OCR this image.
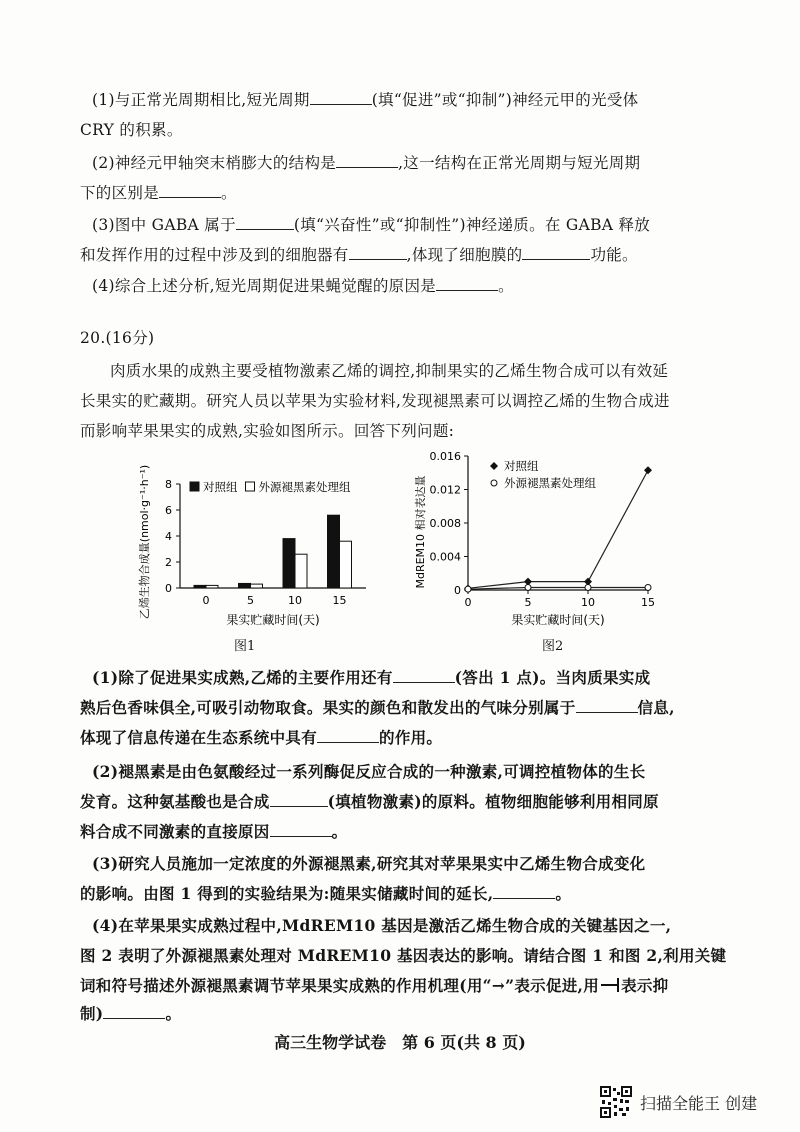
(1)与正常光周期相比,短光周期	(填“促进”或“抑制”)神经元甲的光受体
CRY 的积累。
(2)神经元甲轴突末梢膨大的结构是	,这一结构在正常光周期与短光周期
下的区别是	。
(3)图中 GABA 属于	(填“兴奋性”或“抑制性”)神经递质。在 GABA 释放
和发挥作用的过程中涉及到的细胞器有	,体现了细胞膜的	功能。
(4)综合上述分析,短光周期促进果蝇觉醒的原因是	。
20.(16分)
肉质水果的成熟主要受植物激素乙烯的调控,抑制果实的乙烯生物合成可以有效延
长果实的贮藏期。研究人员以苹果为实验材料,发现褪黑素可以调控乙烯的生物合成进
而影响苹果果实的成熟,实验如图所示。回答下列问题:
乙烯生物合成量(nmol·g⁻¹·h⁻¹) 0
2
4
6
8
0	5	10	15
果实贮藏时间(天)
对照组 外源褪黑素处理组
图1
MdREM10 相对表达量
0
0.004
0.008
0.012
0.016
0	5	10	15
果实贮藏时间(天)
对照组
外源褪黑素处理组
图2
(1)除了促进果实成熟,乙烯的主要作用还有	(答出 1 点)。当肉质果实成
熟后色香味俱全,可吸引动物取食。果实的颜色和散发出的气味分别属于	信息,
体现了信息传递在生态系统中具有	的作用。
(2)褪黑素是由色氨酸经过一系列酶促反应合成的一种激素,可调控植物体的生长
发育。这种氨基酸也是合成	(填植物激素)的原料。植物细胞能够利用相同原
料合成不同激素的直接原因	。
(3)研究人员施加一定浓度的外源褪黑素,研究其对苹果果实中乙烯生物合成变化
的影响。由图 1 得到的实验结果为:随果实储藏时间的延长,	。
(4)在苹果果实成熟过程中,MdREM10 基因是激活乙烯生物合成的关键基因之一,
图 2 表明了外源褪黑素处理对 MdREM10 基因表达的影响。请结合图 1 和图 2,利用关键
词和符号描述外源褪黑素调节苹果果实成熟的作用机理(用“→”表示促进,用 表示抑
制)	。
高三生物学试卷　第 6 页(共 8 页)
扫描全能王 创建
